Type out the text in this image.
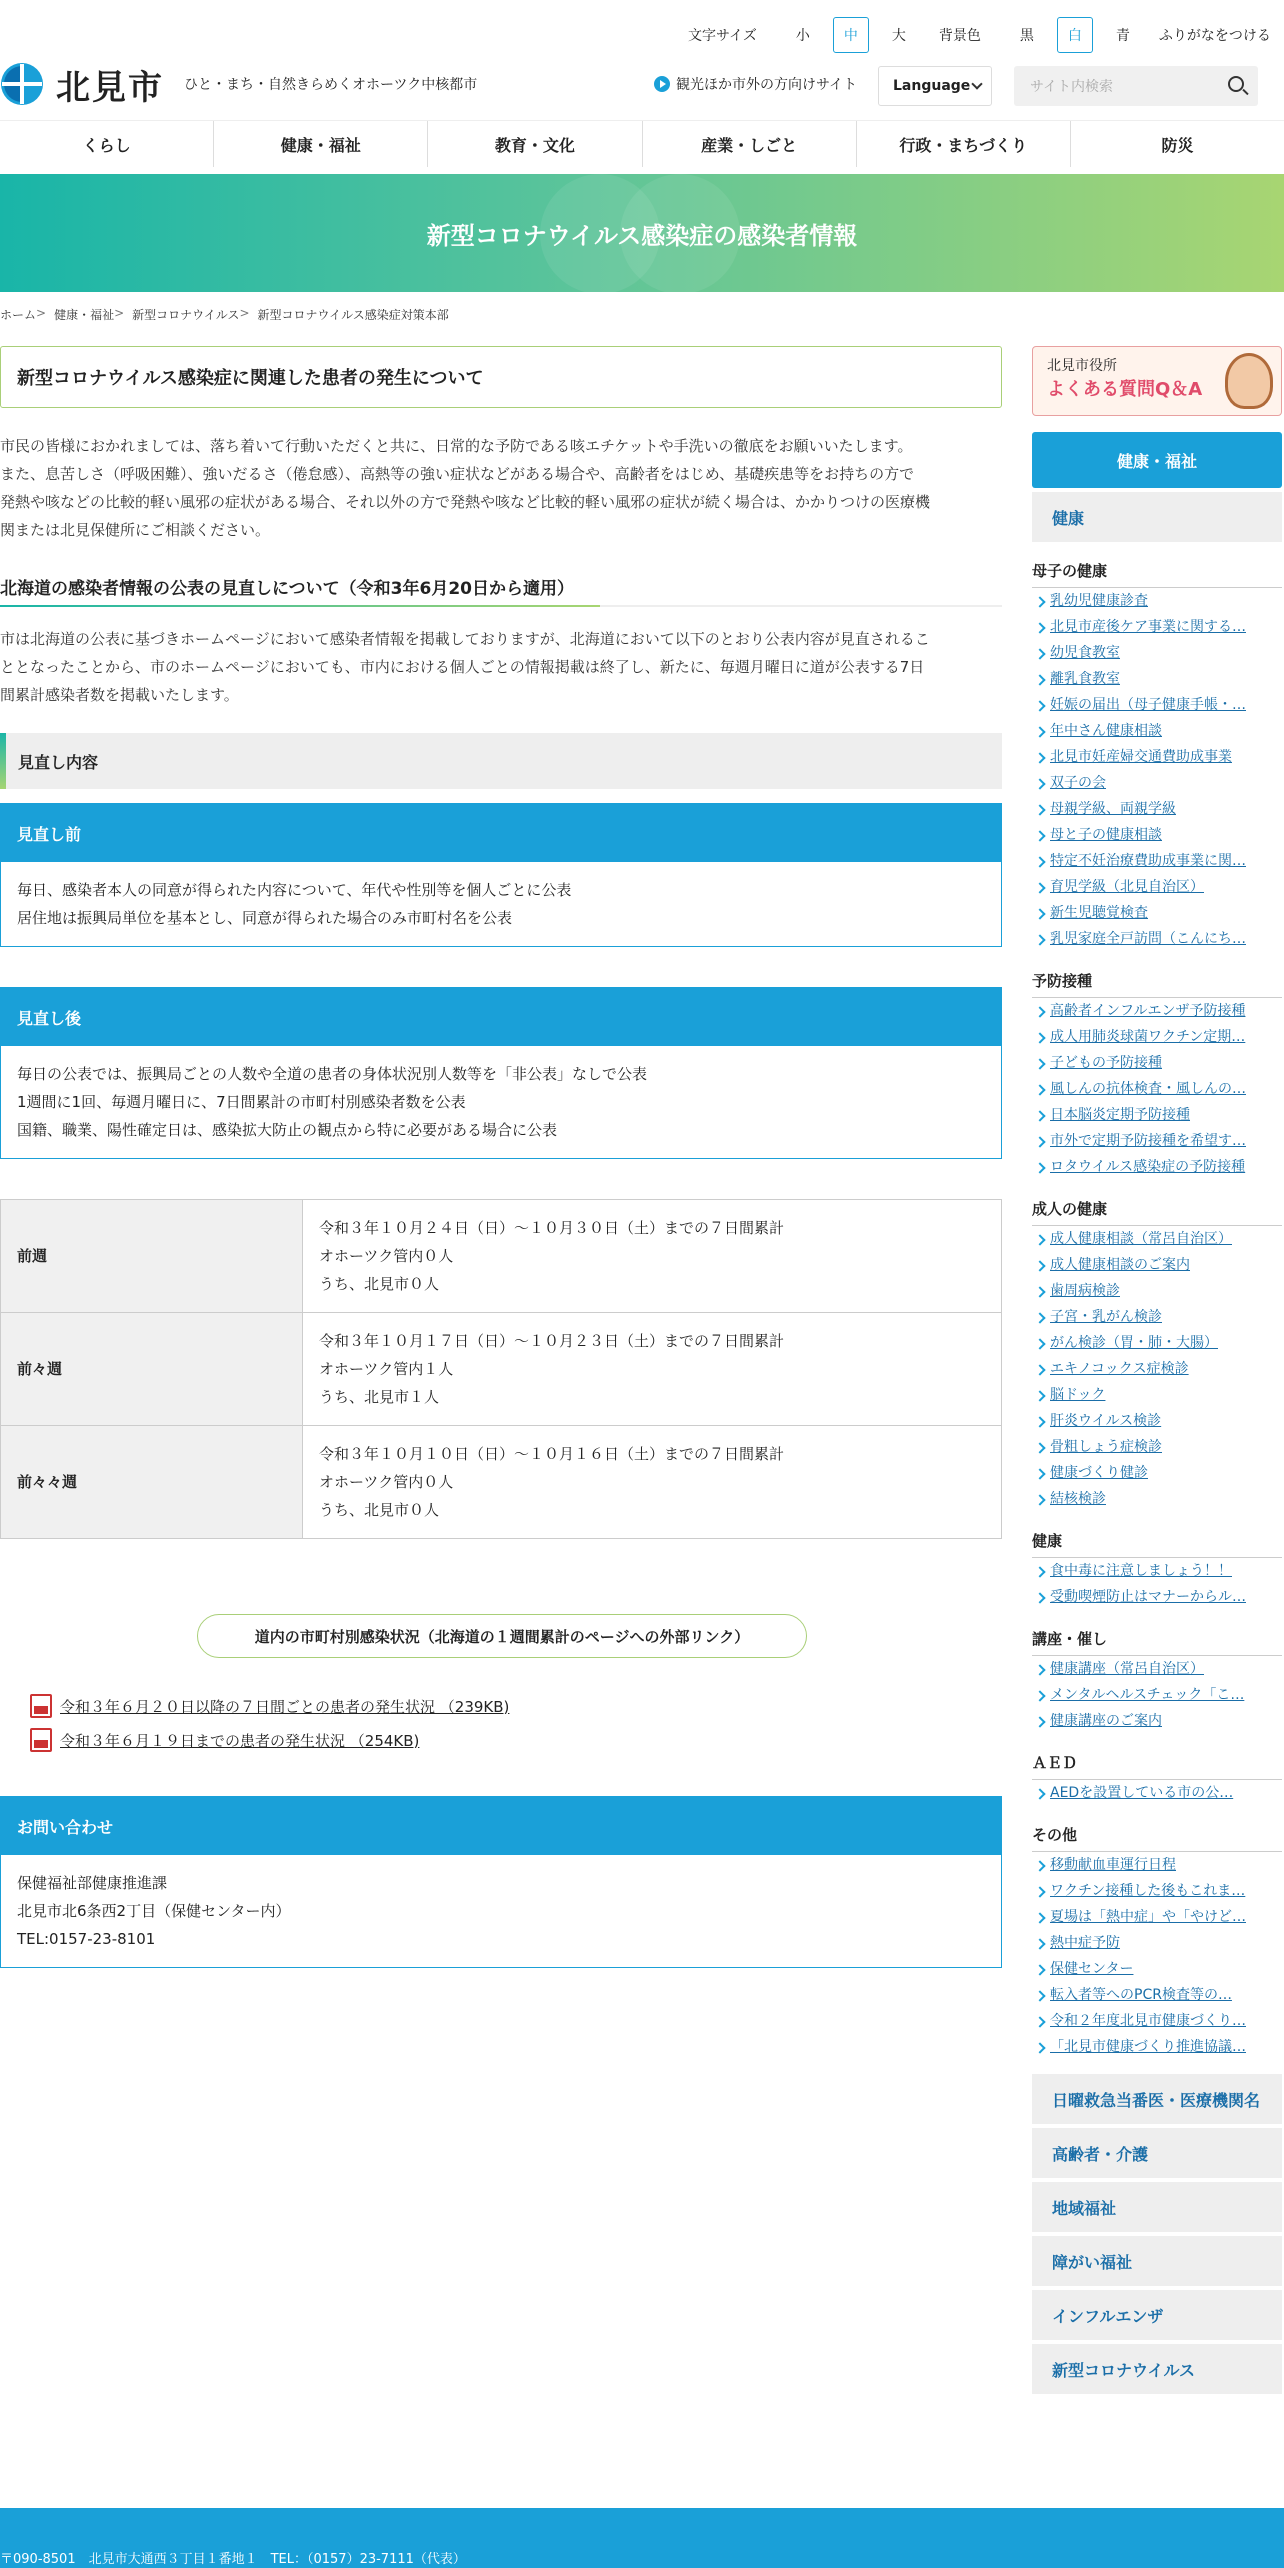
文字サイズ	小	中	大	背景色	黒	白	青	ふりがなをつける
北見市 ひと・まち・自然きらめくオホーツク中核都市	観光ほか市外の方向けサイト	Language	サイト内検索
くらし	健康・福祉	教育・文化	産業・しごと	行政・まちづくり	防災
新型コロナウイルス感染症の感染者情報
ホーム > 健康・福祉 > 新型コロナウイルス > 新型コロナウイルス感染症対策本部
新型コロナウイルス感染症に関連した患者の発生について
市民の皆様におかれましては、落ち着いて行動いただくと共に、日常的な予防である咳エチケットや手洗いの徹底をお願いいたします。
また、息苦しさ（呼吸困難）、強いだるさ（倦怠感）、高熱等の強い症状などがある場合や、高齢者をはじめ、基礎疾患等をお持ちの方で
発熱や咳などの比較的軽い風邪の症状がある場合、それ以外の方で発熱や咳など比較的軽い風邪の症状が続く場合は、かかりつけの医療機
関または北見保健所にご相談ください。
北海道の感染者情報の公表の見直しについて（令和3年6月20日から適用）
市は北海道の公表に基づきホームページにおいて感染者情報を掲載しておりますが、北海道において以下のとおり公表内容が見直されるこ
ととなったことから、市のホームページにおいても、市内における個人ごとの情報掲載は終了し、新たに、毎週月曜日に道が公表する7日
間累計感染者数を掲載いたします。
見直し内容
見直し前
毎日、感染者本人の同意が得られた内容について、年代や性別等を個人ごとに公表
居住地は振興局単位を基本とし、同意が得られた場合のみ市町村名を公表
見直し後
毎日の公表では、振興局ごとの人数や全道の患者の身体状況別人数等を「非公表」なしで公表
1週間に1回、毎週月曜日に、7日間累計の市町村別感染者数を公表
国籍、職業、陽性確定日は、感染拡大防止の観点から特に必要がある場合に公表
前週	令和３年１０月２４日（日）～１０月３０日（土）までの７日間累計
オホーツク管内０人
うち、北見市０人

前々週	令和３年１０月１７日（日）～１０月２３日（土）までの７日間累計
オホーツク管内１人
うち、北見市１人

前々々週	令和３年１０月１０日（日）～１０月１６日（土）までの７日間累計
オホーツク管内０人
うち、北見市０人
道内の市町村別感染状況（北海道の１週間累計のページへの外部リンク）
令和３年６月２０日以降の７日間ごとの患者の発生状況 （239KB)
令和３年６月１９日までの患者の発生状況 （254KB)
お問い合わせ
保健福祉部健康推進課
北見市北6条西2丁目（保健センター内）
TEL:0157-23-8101
北見市役所
よくある質問Q＆A
健康・福祉
健康
母子の健康
乳幼児健康診査
北見市産後ケア事業に関する…
幼児食教室
離乳食教室
妊娠の届出（母子健康手帳・…
年中さん健康相談
北見市妊産婦交通費助成事業
双子の会
母親学級、両親学級
母と子の健康相談
特定不妊治療費助成事業に関…
育児学級（北見自治区）
新生児聴覚検査
乳児家庭全戸訪問（こんにち…
予防接種
高齢者インフルエンザ予防接種
成人用肺炎球菌ワクチン定期…
子どもの予防接種
風しんの抗体検査・風しんの…
日本脳炎定期予防接種
市外で定期予防接種を希望す…
ロタウイルス感染症の予防接種
成人の健康
成人健康相談（常呂自治区）
成人健康相談のご案内
歯周病検診
子宮・乳がん検診
がん検診（胃・肺・大腸）
エキノコックス症検診
脳ドック
肝炎ウイルス検診
骨粗しょう症検診
健康づくり健診
結核検診
健康
食中毒に注意しましょう！！
受動喫煙防止はマナーからル…
講座・催し
健康講座（常呂自治区）
メンタルヘルスチェック「こ…
健康講座のご案内
ＡＥＤ
AEDを設置している市の公…
その他
移動献血車運行日程
ワクチン接種した後もこれま…
夏場は「熱中症」や「やけど…
熱中症予防
保健センター
転入者等へのPCR検査等の…
令和２年度北見市健康づくり…
「北見市健康づくり推進協議…
日曜救急当番医・医療機関名
高齢者・介護
地域福祉
障がい福祉
インフルエンザ
新型コロナウイルス
〒090-8501　北見市大通西３丁目１番地１　TEL：（0157）23-7111（代表）
